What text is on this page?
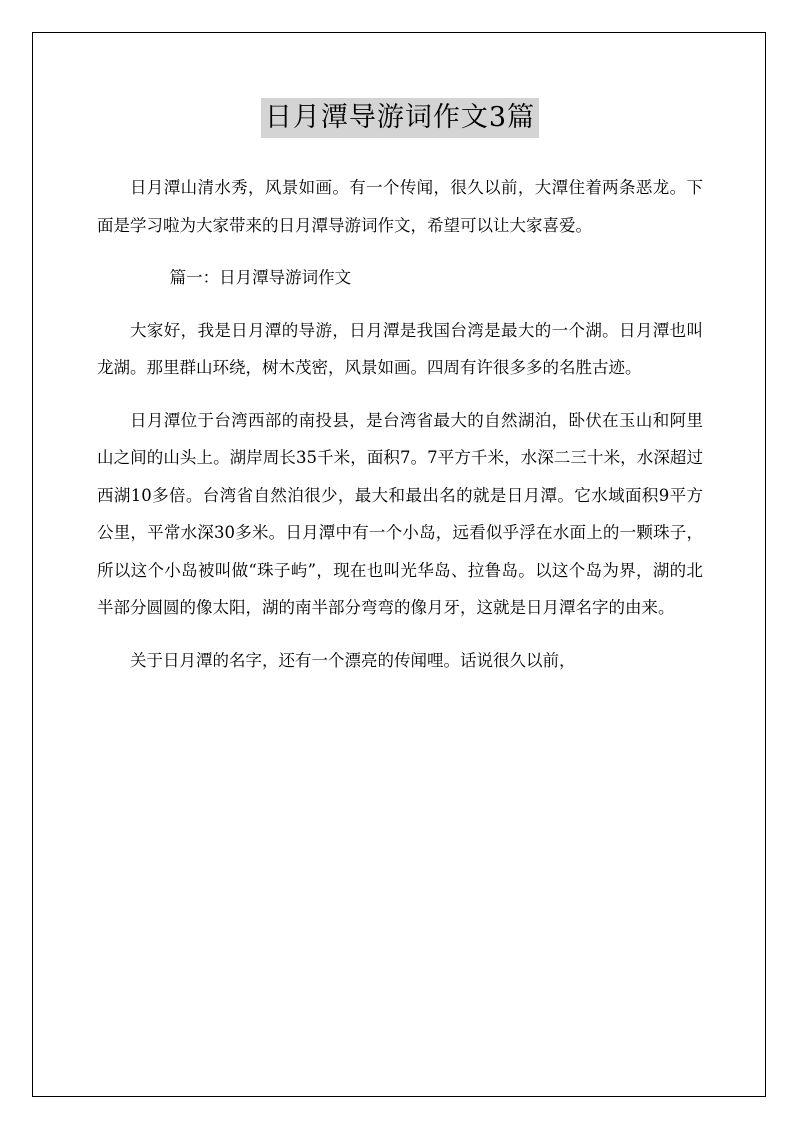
日月潭导游词作文3篇

日月潭山清水秀，风景如画。有一个传闻，很久以前，大潭住着两条恶龙。下面是学习啦为大家带来的日月潭导游词作文，希望可以让大家喜爱。

篇一：日月潭导游词作文

大家好，我是日月潭的导游，日月潭是我国台湾是最大的一个湖。日月潭也叫龙湖。那里群山环绕，树木茂密，风景如画。四周有许很多多的名胜古迹。

日月潭位于台湾西部的南投县，是台湾省最大的自然湖泊，卧伏在玉山和阿里山之间的山头上。湖岸周长35千米，面积7。7平方千米，水深二三十米，水深超过西湖10多倍。台湾省自然泊很少，最大和最出名的就是日月潭。它水域面积9平方公里，平常水深30多米。日月潭中有一个小岛，远看似乎浮在水面上的一颗珠子，所以这个小岛被叫做“珠子屿”，现在也叫光华岛、拉鲁岛。以这个岛为界，湖的北半部分圆圆的像太阳，湖的南半部分弯弯的像月牙，这就是日月潭名字的由来。

关于日月潭的名字，还有一个漂亮的传闻哩。话说很久以前，
